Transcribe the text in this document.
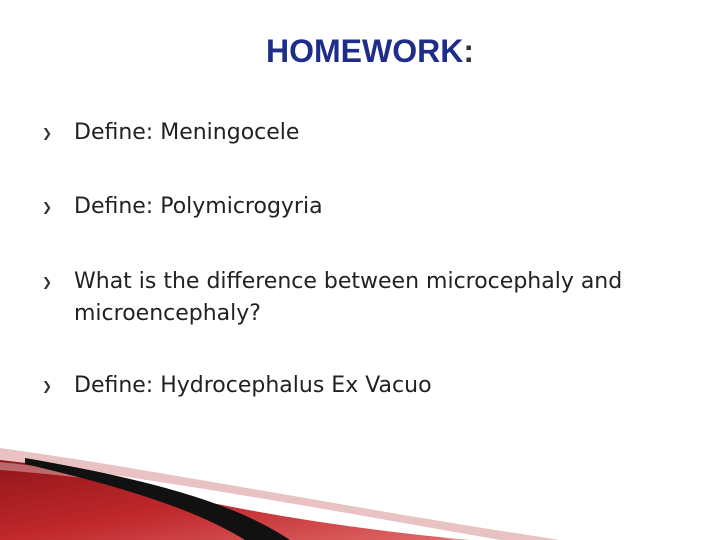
HOMEWORK:
❯ Define: Meningocele
❯ Define: Polymicrogyria
❯ What is the difference between microcephaly and microencephaly?
❯ Define: Hydrocephalus Ex Vacuo
